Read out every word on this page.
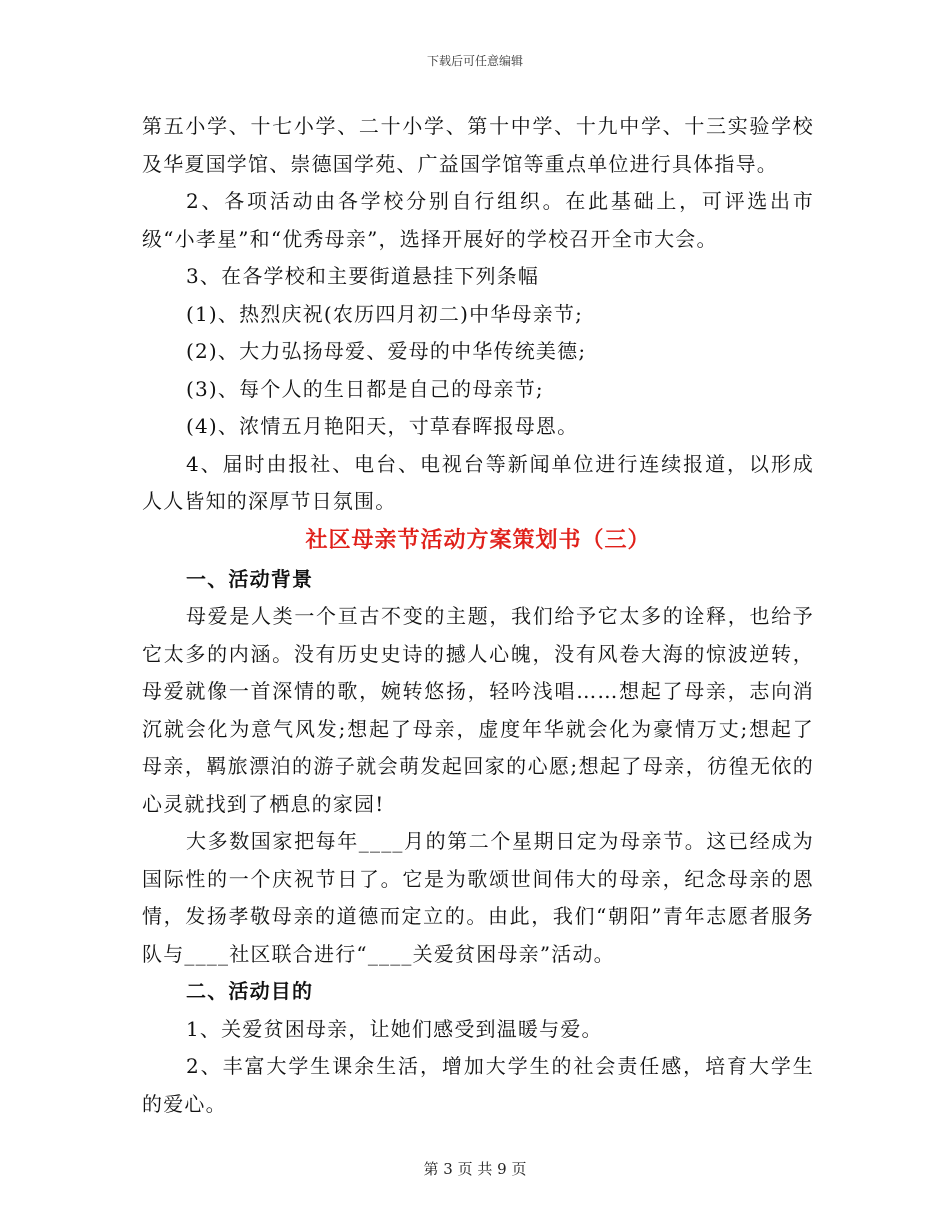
下载后可任意编辑

第五小学、十七小学、二十小学、第十中学、十九中学、十三实验学校及华夏国学馆、崇德国学苑、广益国学馆等重点单位进行具体指导。

2、各项活动由各学校分别自行组织。在此基础上，可评选出市级“小孝星”和“优秀母亲”，选择开展好的学校召开全市大会。

3、在各学校和主要街道悬挂下列条幅

(1)、热烈庆祝(农历四月初二)中华母亲节;

(2)、大力弘扬母爱、爱母的中华传统美德;

(3)、每个人的生日都是自己的母亲节;

(4)、浓情五月艳阳天，寸草春晖报母恩。

4、届时由报社、电台、电视台等新闻单位进行连续报道，以形成人人皆知的深厚节日氛围。

社区母亲节活动方案策划书（三）

一、活动背景

母爱是人类一个亘古不变的主题，我们给予它太多的诠释，也给予它太多的内涵。没有历史史诗的撼人心魄，没有风卷大海的惊波逆转，母爱就像一首深情的歌，婉转悠扬，轻吟浅唱……想起了母亲，志向消沉就会化为意气风发;想起了母亲，虚度年华就会化为豪情万丈;想起了母亲，羁旅漂泊的游子就会萌发起回家的心愿;想起了母亲，彷徨无依的心灵就找到了栖息的家园!

大多数国家把每年____月的第二个星期日定为母亲节。这已经成为国际性的一个庆祝节日了。它是为歌颂世间伟大的母亲，纪念母亲的恩情，发扬孝敬母亲的道德而定立的。由此，我们“朝阳”青年志愿者服务队与____社区联合进行“____关爱贫困母亲”活动。

二、活动目的

1、关爱贫困母亲，让她们感受到温暖与爱。

2、丰富大学生课余生活，增加大学生的社会责任感，培育大学生的爱心。

第 3 页 共 9 页
